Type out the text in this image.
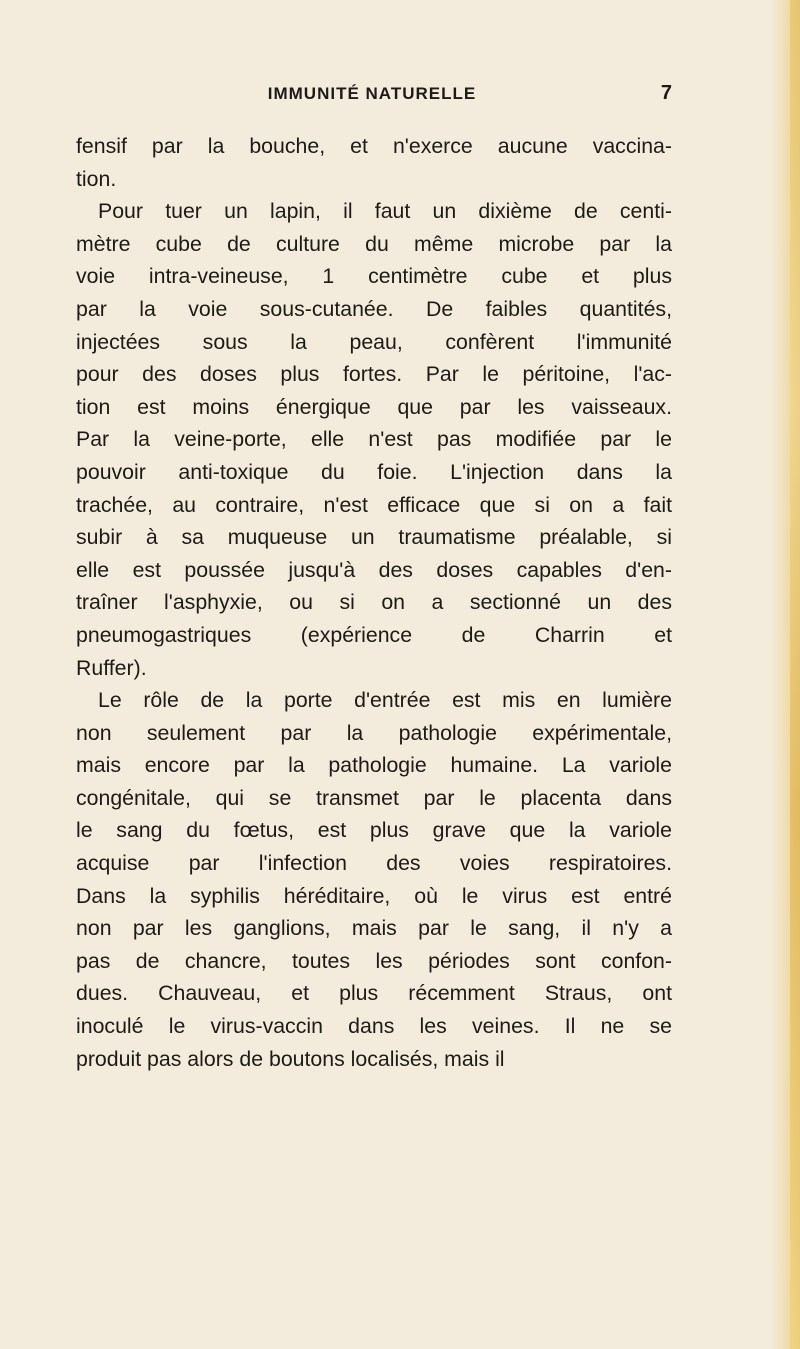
IMMUNITÉ NATURELLE	7
fensif par la bouche, et n'exerce aucune vaccina-
tion.
Pour tuer un lapin, il faut un dixième de centi-
mètre cube de culture du même microbe par la
voie intra-veineuse, 1 centimètre cube et plus
par la voie sous-cutanée. De faibles quantités,
injectées sous la peau, confèrent l'immunité
pour des doses plus fortes. Par le péritoine, l'ac-
tion est moins énergique que par les vaisseaux.
Par la veine-porte, elle n'est pas modifiée par le
pouvoir anti-toxique du foie. L'injection dans la
trachée, au contraire, n'est efficace que si on a fait
subir à sa muqueuse un traumatisme préalable, si
elle est poussée jusqu'à des doses capables d'en-
traîner l'asphyxie, ou si on a sectionné un des
pneumogastriques (expérience de Charrin et
Ruffer).
Le rôle de la porte d'entrée est mis en lumière
non seulement par la pathologie expérimentale,
mais encore par la pathologie humaine. La variole
congénitale, qui se transmet par le placenta dans
le sang du fœtus, est plus grave que la variole
acquise par l'infection des voies respiratoires.
Dans la syphilis héréditaire, où le virus est entré
non par les ganglions, mais par le sang, il n'y a
pas de chancre, toutes les périodes sont confon-
dues. Chauveau, et plus récemment Straus, ont
inoculé le virus-vaccin dans les veines. Il ne se
produit pas alors de boutons localisés, mais il
